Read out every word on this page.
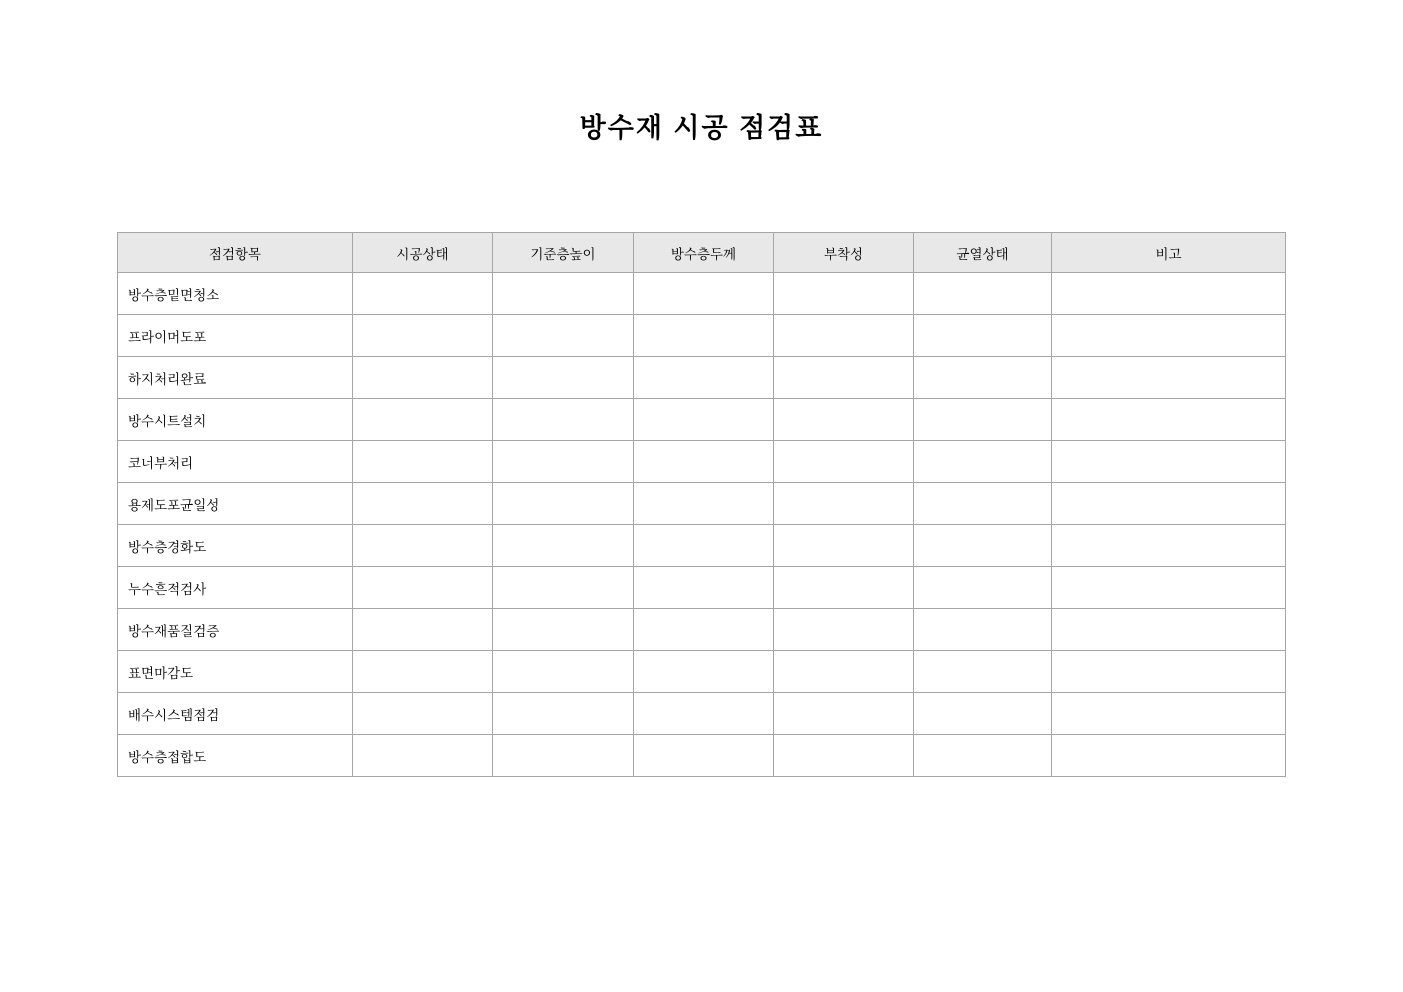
방수재 시공 점검표
점검항목	시공상태	기준층높이	방수층두께	부착성	균열상태	비고
방수층밑면청소						
프라이머도포						
하지처리완료						
방수시트설치						
코너부처리						
용제도포균일성						
방수층경화도						
누수흔적검사						
방수재품질검증						
표면마감도						
배수시스템점검						
방수층접합도						
